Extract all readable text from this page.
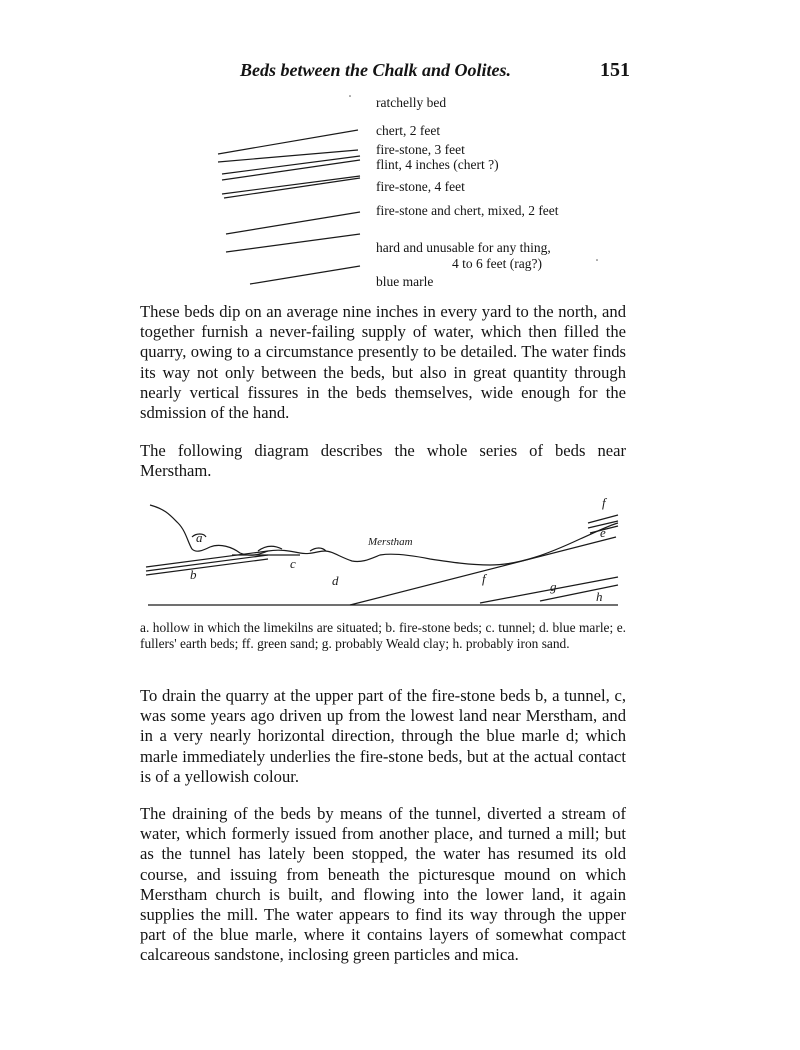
Beds between the Chalk and Oolites.	151
ratchelly bed
chert, 2 feet
fire-stone, 3 feet
flint, 4 inches (chert ?)
fire-stone, 4 feet
fire-stone and chert, mixed, 2 feet
hard and unusable for any thing,
4 to 6 feet (rag?)
blue marle

These beds dip on an average nine inches in every yard to the north, and together furnish a never-failing supply of water, which then filled the quarry, owing to a circumstance presently to be detailed. The water finds its way not only between the beds, but also in great quantity through nearly vertical fissures in the beds themselves, wide enough for the sdmission of the hand.

The following diagram describes the whole series of beds near Merstham.

a
b
c
d
e
f
f
g
h
Merstham

a. hollow in which the limekilns are situated; b. fire-stone beds; c. tunnel; d. blue marle; e. fullers' earth beds; ff. green sand; g. probably Weald clay; h. probably iron sand.

To drain the quarry at the upper part of the fire-stone beds b, a tunnel, c, was some years ago driven up from the lowest land near Merstham, and in a very nearly horizontal direction, through the blue marle d; which marle immediately underlies the fire-stone beds, but at the actual contact is of a yellowish colour.

The draining of the beds by means of the tunnel, diverted a stream of water, which formerly issued from another place, and turned a mill; but as the tunnel has lately been stopped, the water has resumed its old course, and issuing from beneath the picturesque mound on which Merstham church is built, and flowing into the lower land, it again supplies the mill. The water appears to find its way through the upper part of the blue marle, where it contains layers of somewhat compact calcareous sandstone, inclosing green particles and mica.
